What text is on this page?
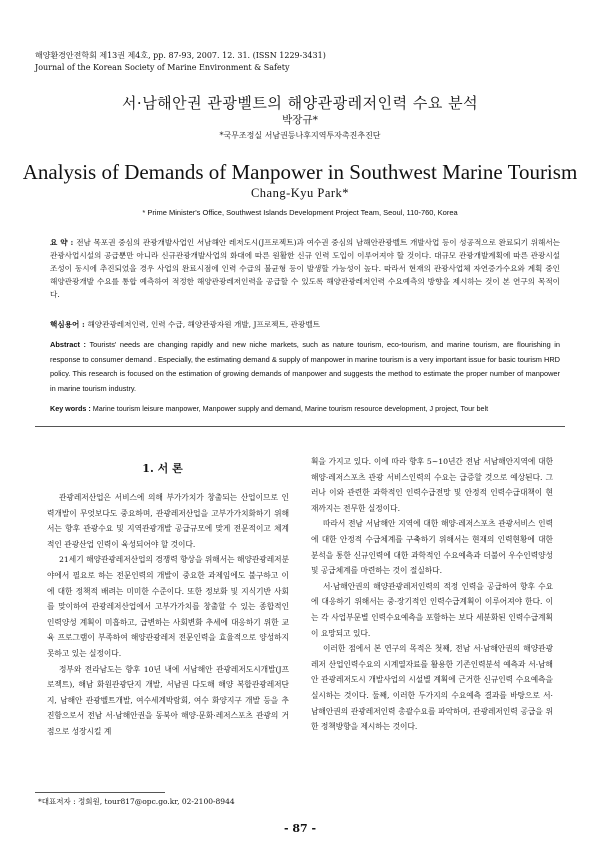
해양환경안전학회 제13권 제4호, pp. 87-93, 2007. 12. 31. (ISSN 1229-3431)
Journal of the Korean Society of Marine Environment & Safety
서·남해안권 관광벨트의 해양관광레저인력 수요 분석
박장규*
*국무조정실 서남권등나후지역투자촉진추진단
Analysis of Demands of Manpower in Southwest Marine Tourism
Chang-Kyu Park*
* Prime Minister's Office, Southwest Islands Development Project Team, Seoul, 110-760, Korea
요 약 : 전남 목포권 중심의 관광개발사업인 서남해안 레저도시(J프로젝트)과 여수권 중심의 남해안관광벨트 개발사업 등이 성공적으로 완료되기 위해서는 관광사업시설의 공급뿐만 아니라 신규관광개발사업의 화대에 따른 원활한 신규 인력 도입이 이루어져야 할 것이다. 대규모 관광개발계획에 따른 관광시설 조성이 동시에 추진되었을 경우 사업의 완료시점에 인력 수급의 불균형 등이 발생할 가능성이 높다. 따라서 현재의 관광사업체 자연증가수요와 계획 중인 해양관광개발 수요를 통합 예측하여 적정한 해양관광레저인력을 공급할 수 있도록 해양관광레저인력 수요예측의 방향을 제시하는 것이 본 연구의 목적이다.
핵심용어 : 해양관광레저인력, 인력 수급, 해양관광자원 개발, J프로젝트, 관광벨트
Abstract : Tourists' needs are changing rapidly and new niche markets, such as nature tourism, eco-tourism, and marine tourism, are flourishing in response to consumer demand . Especially, the estimating demand & supply of manpower in marine tourism is a very important issue for basic tourism HRD policy. This research is focused on the estimation of growing demands of manpower and suggests the method to estimate the proper number of manpower in marine tourism industry.
Key words : Marine tourism leisure manpower, Manpower supply and demand, Marine tourism resource development, J project, Tour belt
1. 서 론

관광레저산업은 서비스에 의해 부가가치가 창출되는 산업이므로 인력개발이 무엇보다도 중요하며, 관광레저산업을 고부가가치화하기 위해서는 향후 관광수요 및 지역관광개발 공급규모에 맞게 전문적이고 체계적인 관광산업 인력이 육성되어야 할 것이다.

21세기 해양관광레저산업의 경쟁력 향상을 위해서는 해양관광레저분야에서 필요로 하는 전문인력의 개발이 중요한 과제임에도 불구하고 이에 대한 정책적 배려는 미미한 수준이다. 또한 정보화 및 지식기반 사회를 맞이하여 관광레저산업에서 고부가가치를 창출할 수 있는 종합적인 인력양성 계획이 미흡하고, 급변하는 사회변화 추세에 대응하기 위한 교육 프로그램이 부족하여 해양관광레저 전문인력을 효율적으로 양성하지 못하고 있는 실정이다.

정부와 전라남도는 향후 10년 내에 서남해안 관광레저도시개발(J프로젝트), 해남 화원관광단지 개발, 서남권 다도해 해양 복합관광레저단지, 남해안 관광벨트개발, 여수세계박람회, 여수 화양지구 개발 등을 추진함으로서 전남 서·남해안권을 동북아 해양·문화·레저스포츠 관광의 거점으로 성장시킬 계

획을 가지고 있다. 이에 따라 향후 5~10년간 전남 서남해안지역에 대한 해양·레저스포츠 관광 서비스인력의 수요는 급증할 것으로 예상된다. 그러나 이와 관련한 과학적인 인력수급전망 및 안정적 인력수급대책이 현재까지는 전무한 실정이다.

따라서 전남 서남해안 지역에 대한 해양·레저스포츠 관광서비스 인력에 대한 안정적 수급체계를 구축하기 위해서는 현재의 인력현황에 대한 분석을 통한 신규인력에 대한 과학적인 수요예측과 더불어 우수인력양성 및 공급체계를 마련하는 것이 절실하다.

서·남해안권의 해양관광레저인력의 적정 인력을 공급하여 향후 수요에 대응하기 위해서는 중·장기적인 인력수급계획이 이루어져야 한다. 이는 각 사업부문별 인력수요예측을 포함하는 보다 세분화된 인력수급계획이 요망되고 있다.

이러한 점에서 본 연구의 목적은 첫째, 전남 서·남해안권의 해양관광레저 산업인력수요의 시계열자료를 활용한 기존인력분석 예측과 서·남해안 관광레저도시 개발사업의 시설별 계획에 근거한 신규인력 수요예측을 실시하는 것이다. 둘째, 이러한 두가지의 수요예측 결과를 바탕으로 서·남해안권의 관광레저인력 총괄수요를 파악하며, 관광레저인력 공급을 위한 정책방향을 제시하는 것이다.

*대표저자 : 정회원, tour817@opc.go.kr, 02-2100-8944
- 87 -
